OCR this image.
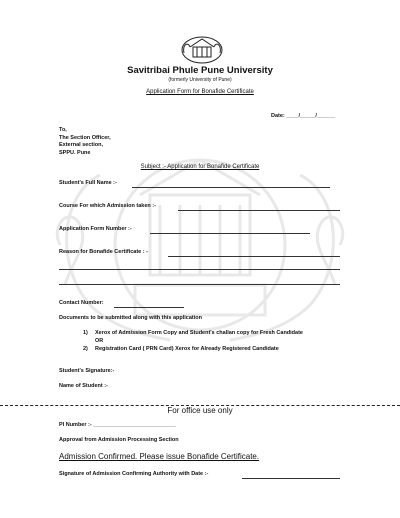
Savitribai Phule Pune University
(formerly University of Pune)
Application Form for Bonafide Certificate
Date: ____/_____/______
To,
The Section Officer,
External section,
SPPU. Pune
Subject :- Application for Bonafide Certificate
Student's Full Name :-
Course For which Admission taken :-
Application Form Number :-
Reason for Bonafide Certificate : -
Contact Number:
Documents to be submitted along with this application
1) Xerox of Admission Form Copy and Student's challan copy for Fresh Candidate
OR
2) Registration Card ( PRN Card) Xerox for Already Registered Candidate
Student's Signature:-
Name of Student :-
For office use only
PI Number :- ___________________________
Approval from Admission Processing Section
Admission Confirmed. Please issue Bonafide Certificate.
Signature of Admission Confirming Authority with Date :-
